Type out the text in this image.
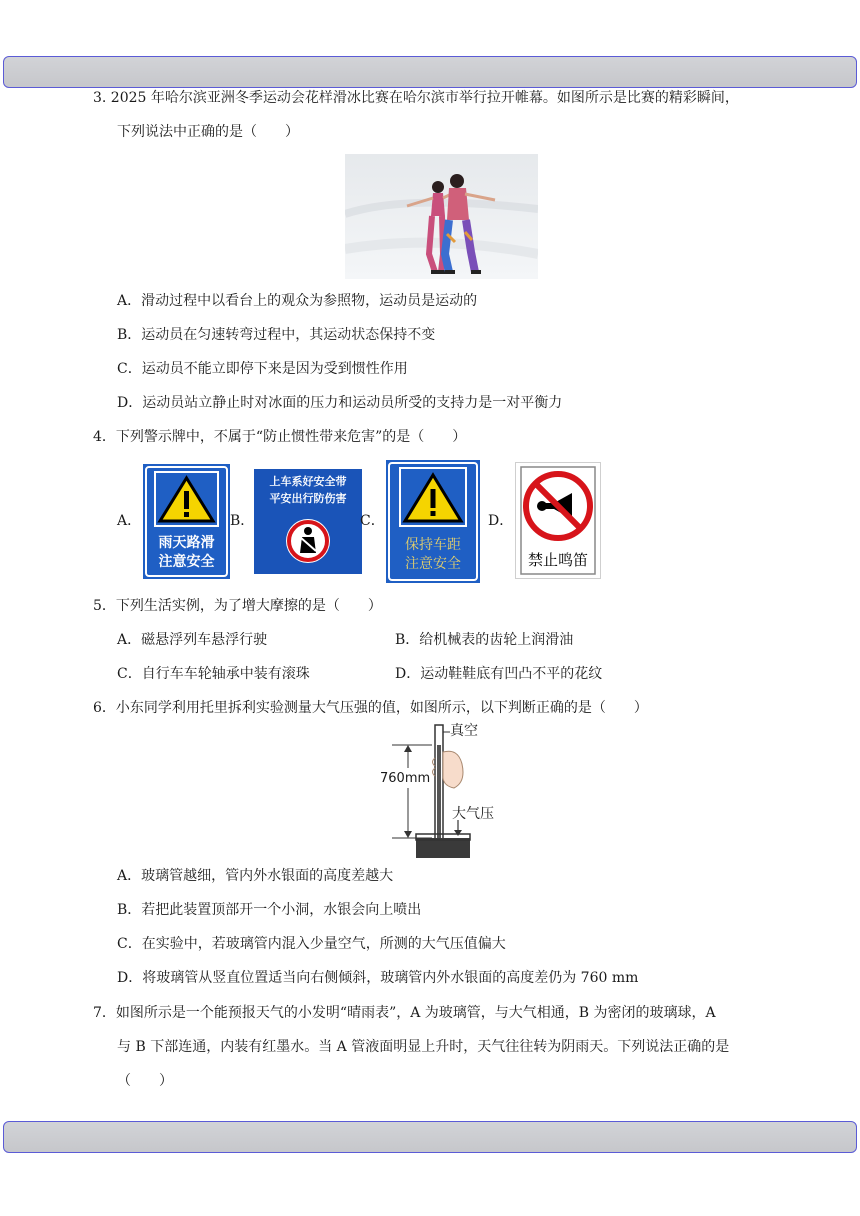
3. 2025 年哈尔滨亚洲冬季运动会花样滑冰比赛在哈尔滨市举行拉开帷幕。如图所示是比赛的精彩瞬间，
下列说法中正确的是（　　）
A．滑动过程中以看台上的观众为参照物，运动员是运动的
B．运动员在匀速转弯过程中，其运动状态保持不变
C．运动员不能立即停下来是因为受到惯性作用
D．运动员站立静止时对冰面的压力和运动员所受的支持力是一对平衡力
4．下列警示牌中，不属于“防止惯性带来危害”的是（　　）
A．
雨天路滑
注意安全
B．
上车系好安全带
平安出行防伤害
C．
保持车距
注意安全
D．
禁止鸣笛
5．下列生活实例，为了增大摩擦的是（　　）
A．磁悬浮列车悬浮行驶	B．给机械表的齿轮上润滑油
C．自行车车轮轴承中装有滚珠	D．运动鞋鞋底有凹凸不平的花纹
6．小东同学利用托里拆利实验测量大气压强的值，如图所示，以下判断正确的是（　　）
真空
760mm
大气压
A．玻璃管越细，管内外水银面的高度差越大
B．若把此装置顶部开一个小洞，水银会向上喷出
C．在实验中，若玻璃管内混入少量空气，所测的大气压值偏大
D．将玻璃管从竖直位置适当向右侧倾斜，玻璃管内外水银面的高度差仍为 760 mm
7．如图所示是一个能预报天气的小发明“晴雨表”，A 为玻璃管，与大气相通，B 为密闭的玻璃球，A
与 B 下部连通，内装有红墨水。当 A 管液面明显上升时，天气往往转为阴雨天。下列说法正确的是
（　　）
